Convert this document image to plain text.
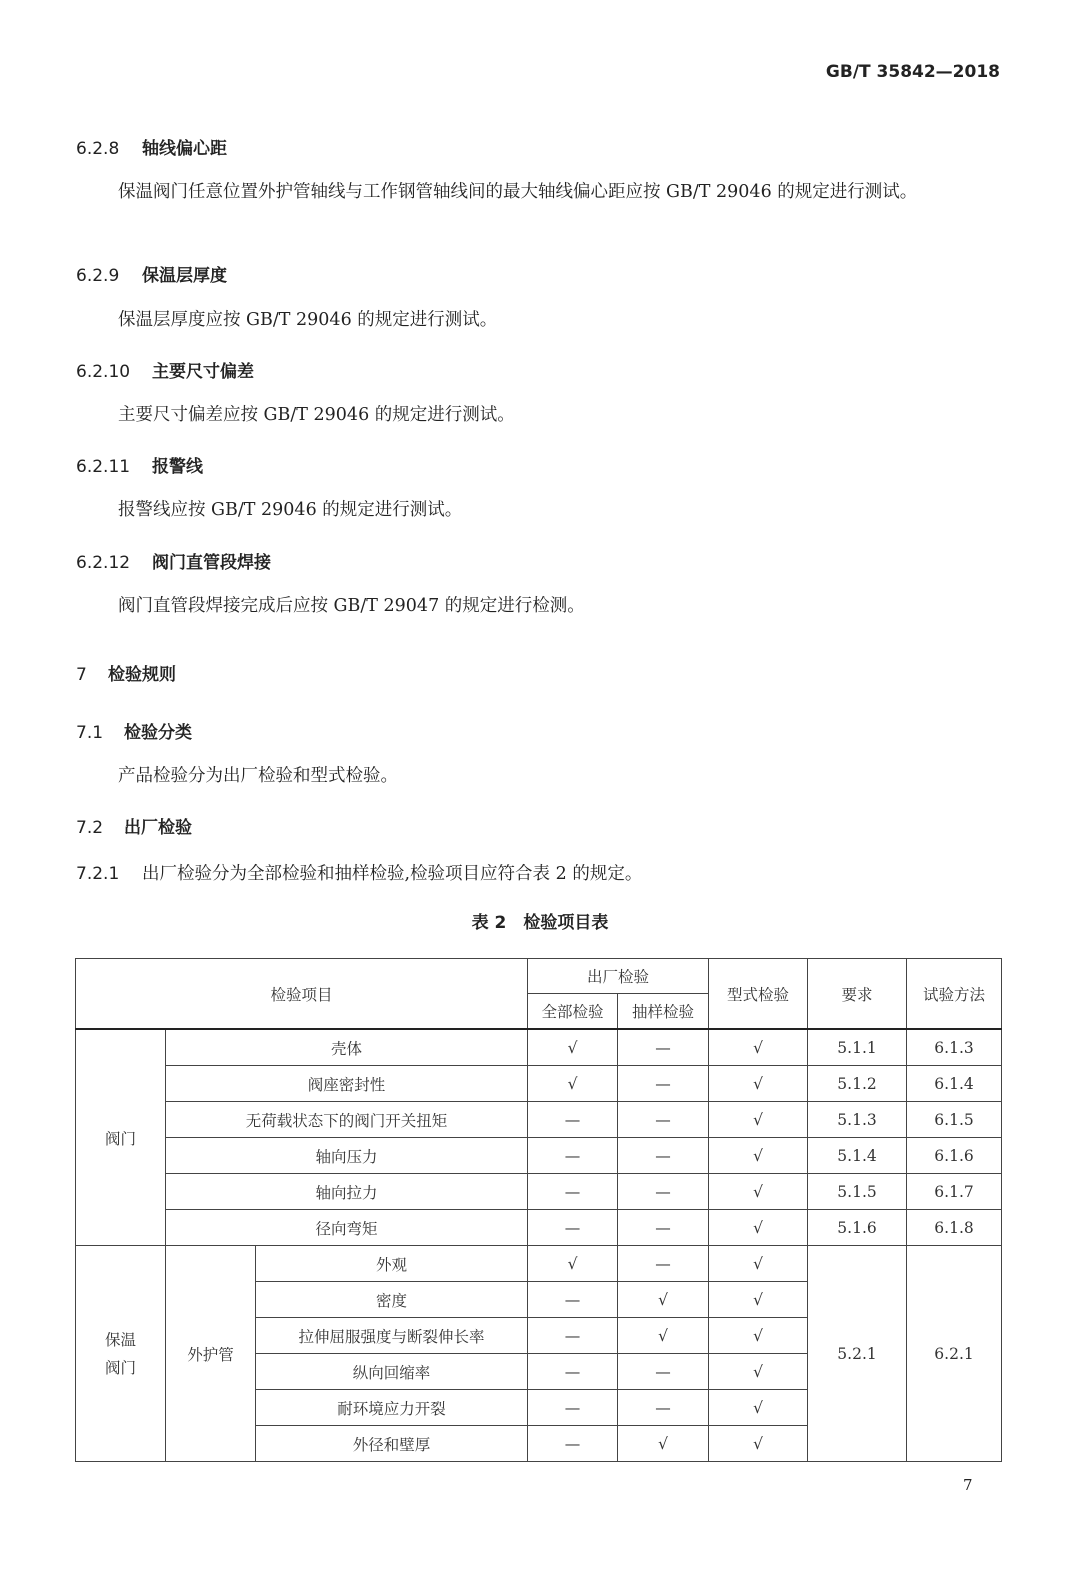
GB/T 35842—2018
6.2.8 轴线偏心距
保温阀门任意位置外护管轴线与工作钢管轴线间的最大轴线偏心距应按 GB/T 29046 的规定进行测试。
6.2.9 保温层厚度
保温层厚度应按 GB/T 29046 的规定进行测试。
6.2.10 主要尺寸偏差
主要尺寸偏差应按 GB/T 29046 的规定进行测试。
6.2.11 报警线
报警线应按 GB/T 29046 的规定进行测试。
6.2.12 阀门直管段焊接
阀门直管段焊接完成后应按 GB/T 29047 的规定进行检测。
7 检验规则
7.1 检验分类
产品检验分为出厂检验和型式检验。
7.2 出厂检验
7.2.1 出厂检验分为全部检验和抽样检验,检验项目应符合表 2 的规定。
表 2　检验项目表
检验项目			出厂检验		型式检验	要求	试验方法
			全部检验	抽样检验			
阀门	壳体		√	—	√	5.1.1	6.1.3
	阀座密封性		√	—	√	5.1.2	6.1.4
	无荷载状态下的阀门开关扭矩		—	—	√	5.1.3	6.1.5
	轴向压力		—	—	√	5.1.4	6.1.6
	轴向拉力		—	—	√	5.1.5	6.1.7
	径向弯矩		—	—	√	5.1.6	6.1.8
保温阀门	外护管	外观	√	—	√	5.2.1	6.2.1
		密度	—	√	√		
		拉伸屈服强度与断裂伸长率	—	√	√		
		纵向回缩率	—	—	√		
		耐环境应力开裂	—	—	√		
		外径和壁厚	—	√	√		
7
